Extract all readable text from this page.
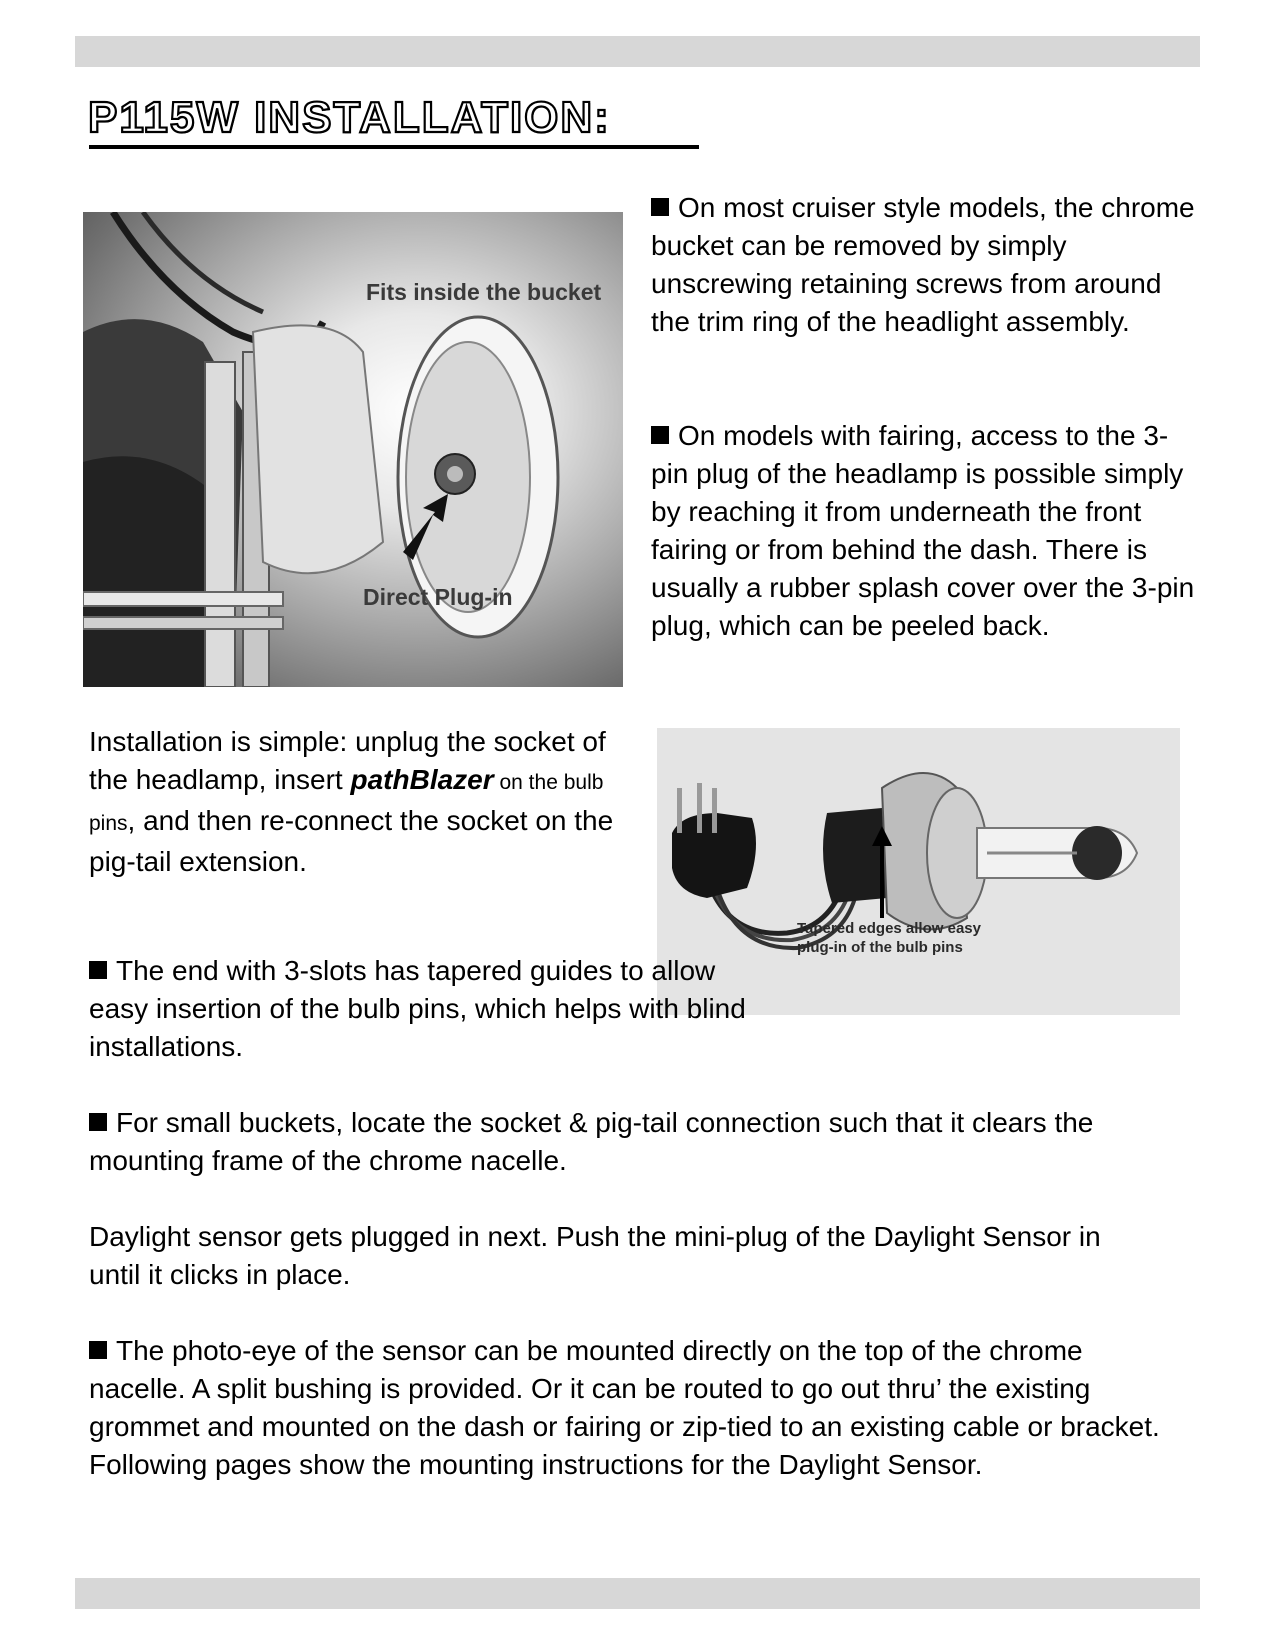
P115W INSTALLATION:
Fits inside the bucket
Direct Plug-in

On most cruiser style models, the chrome bucket can be removed by simply unscrewing retaining screws from around the trim ring of the headlight assembly.

On models with fairing, access to the 3-pin plug of the headlamp is possible simply by reaching it from underneath the front fairing or from behind the dash. There is usually a rubber splash cover over the 3-pin plug, which can be peeled back.

Installation is simple: unplug the socket of the headlamp, insert pathBlazer on the bulb pins, and then re-connect the socket on the pig-tail extension.

Tapered edges allow easy
plug-in of the bulb pins

The end with 3-slots has tapered guides to allow easy insertion of the bulb pins, which helps with blind installations.

For small buckets, locate the socket & pig-tail connection such that it clears the mounting frame of the chrome nacelle.

Daylight sensor gets plugged in next. Push the mini-plug of the Daylight Sensor in until it clicks in place.

The photo-eye of the sensor can be mounted directly on the top of the chrome nacelle. A split bushing is provided. Or it can be routed to go out thru’ the existing grommet and mounted on the dash or fairing or zip-tied to an existing cable or bracket. Following pages show the mounting instructions for the Daylight Sensor.
